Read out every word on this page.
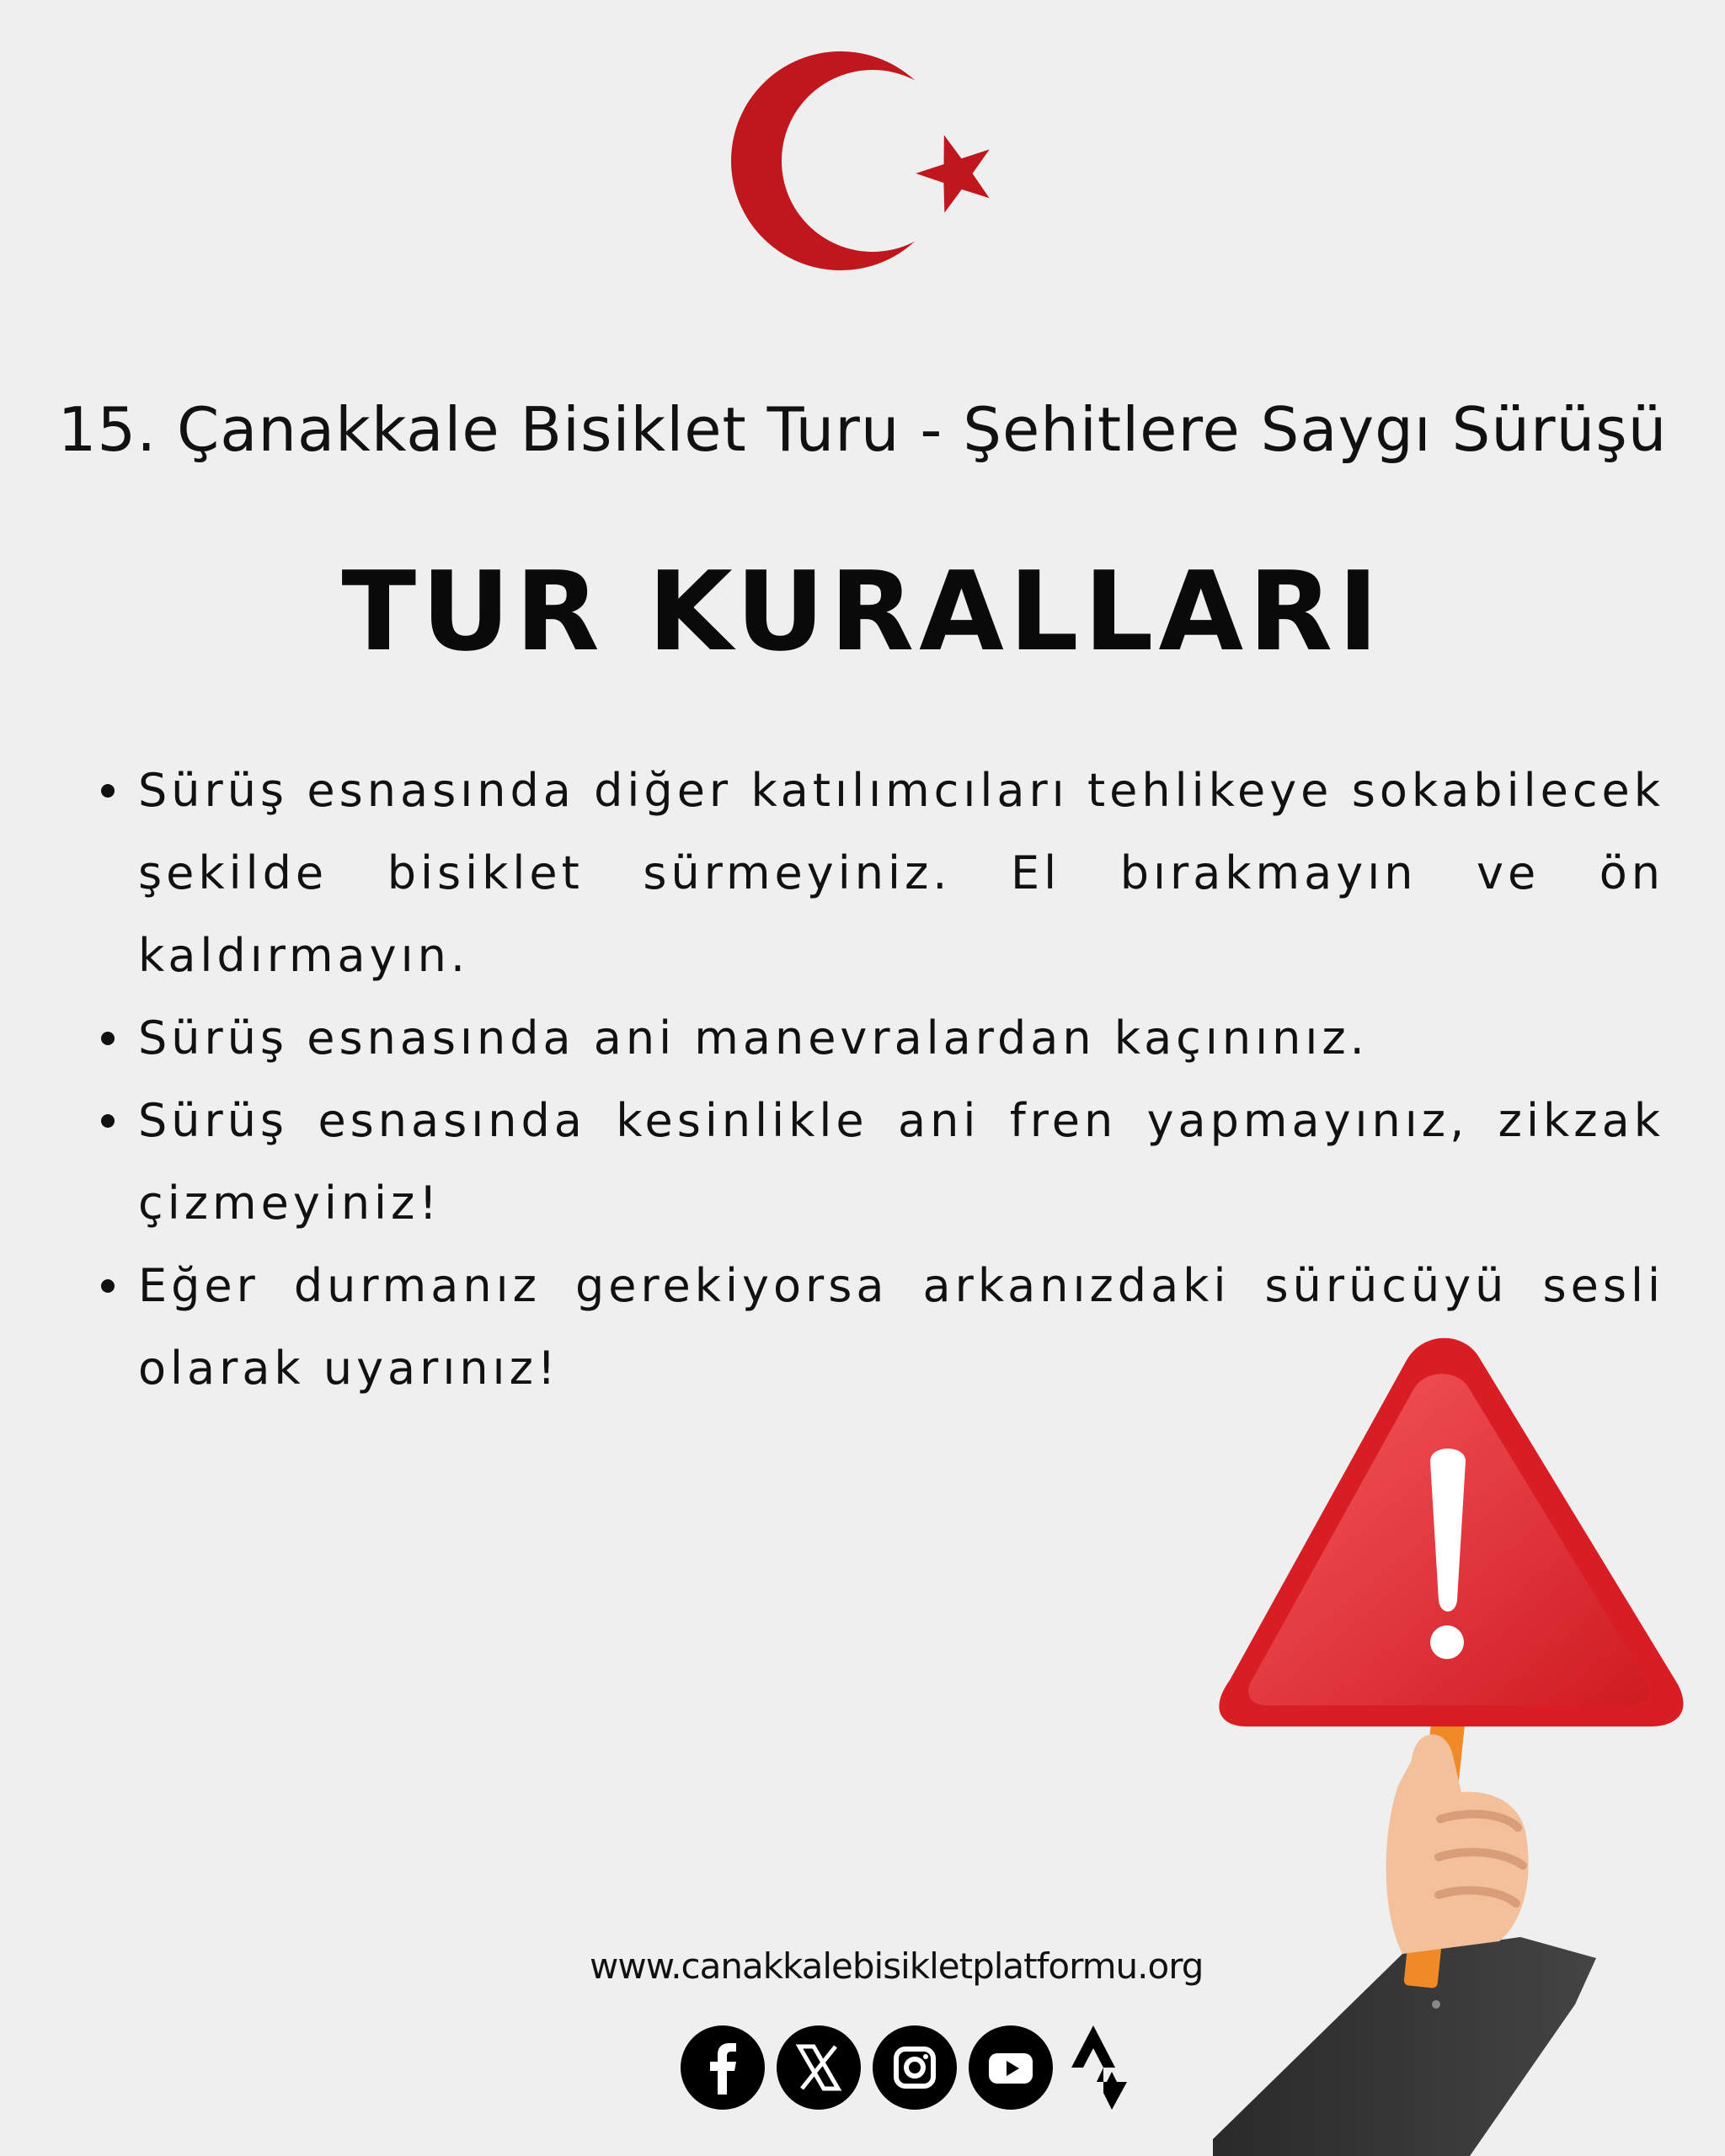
15. Çanakkale Bisiklet Turu - Şehitlere Saygı Sürüşü
TUR KURALLARI
Sürüş esnasında diğer katılımcıları tehlikeye sokabilecek şekilde bisiklet sürmeyiniz. El bırakmayın ve ön kaldırmayın.
Sürüş esnasında ani manevralardan kaçınınız.
Sürüş esnasında kesinlikle ani fren yapmayınız, zikzak çizmeyiniz!
Eğer durmanız gerekiyorsa arkanızdaki sürücüyü sesli olarak uyarınız!
www.canakkalebisikletplatformu.org
